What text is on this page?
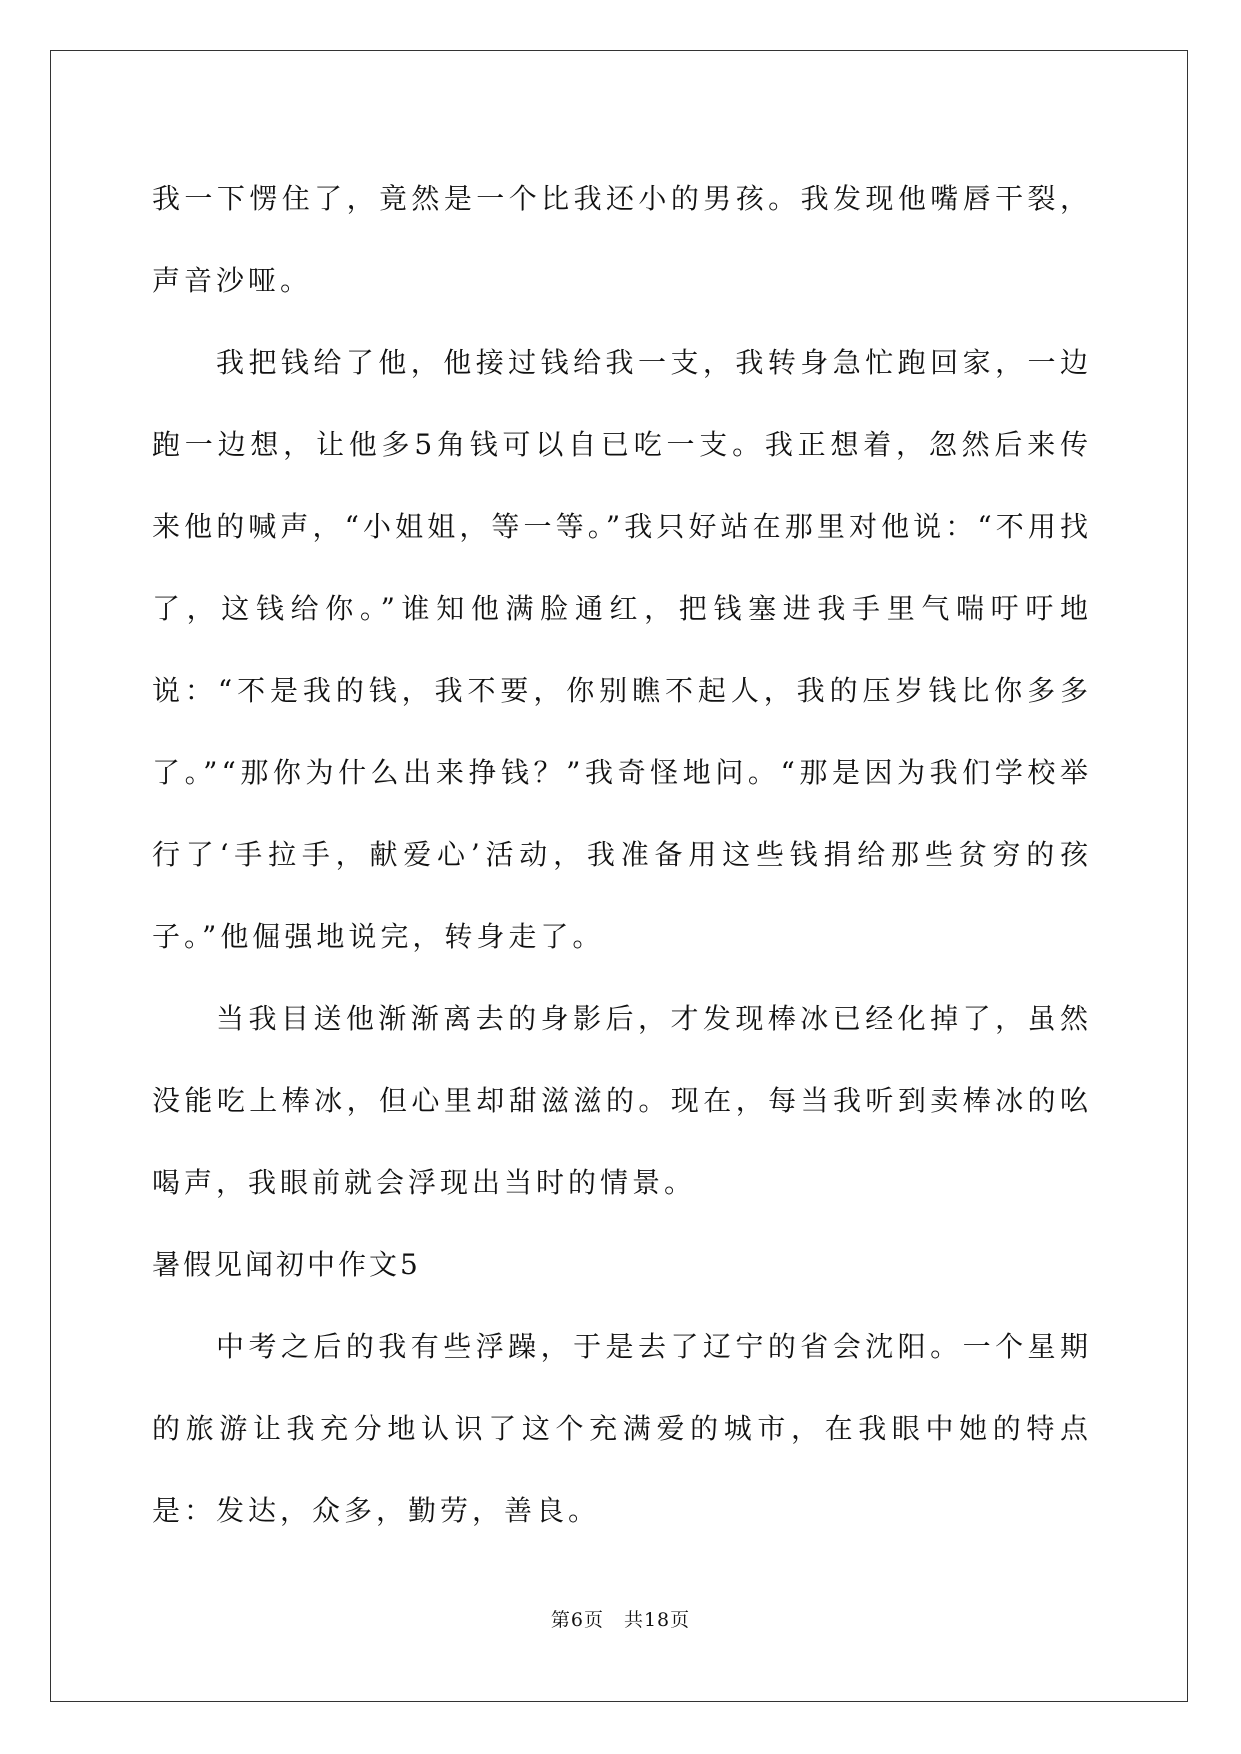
我一下愣住了，竟然是一个比我还小的男孩。我发现他嘴唇干裂，声音沙哑。

我把钱给了他，他接过钱给我一支，我转身急忙跑回家，一边跑一边想，让他多5角钱可以自已吃一支。我正想着，忽然后来传来他的喊声，“小姐姐，等一等。”我只好站在那里对他说：“不用找了，这钱给你。”谁知他满脸通红，把钱塞进我手里气喘吁吁地说：“不是我的钱，我不要，你别瞧不起人，我的压岁钱比你多多了。”“那你为什么出来挣钱？”我奇怪地问。“那是因为我们学校举行了‘手拉手，献爱心’活动，我准备用这些钱捐给那些贫穷的孩子。”他倔强地说完，转身走了。

当我目送他渐渐离去的身影后，才发现棒冰已经化掉了，虽然没能吃上棒冰，但心里却甜滋滋的。现在，每当我听到卖棒冰的吆喝声，我眼前就会浮现出当时的情景。

暑假见闻初中作文5

中考之后的我有些浮躁，于是去了辽宁的省会沈阳。一个星期的旅游让我充分地认识了这个充满爱的城市，在我眼中她的特点是：发达，众多，勤劳，善良。

第6页　共18页
